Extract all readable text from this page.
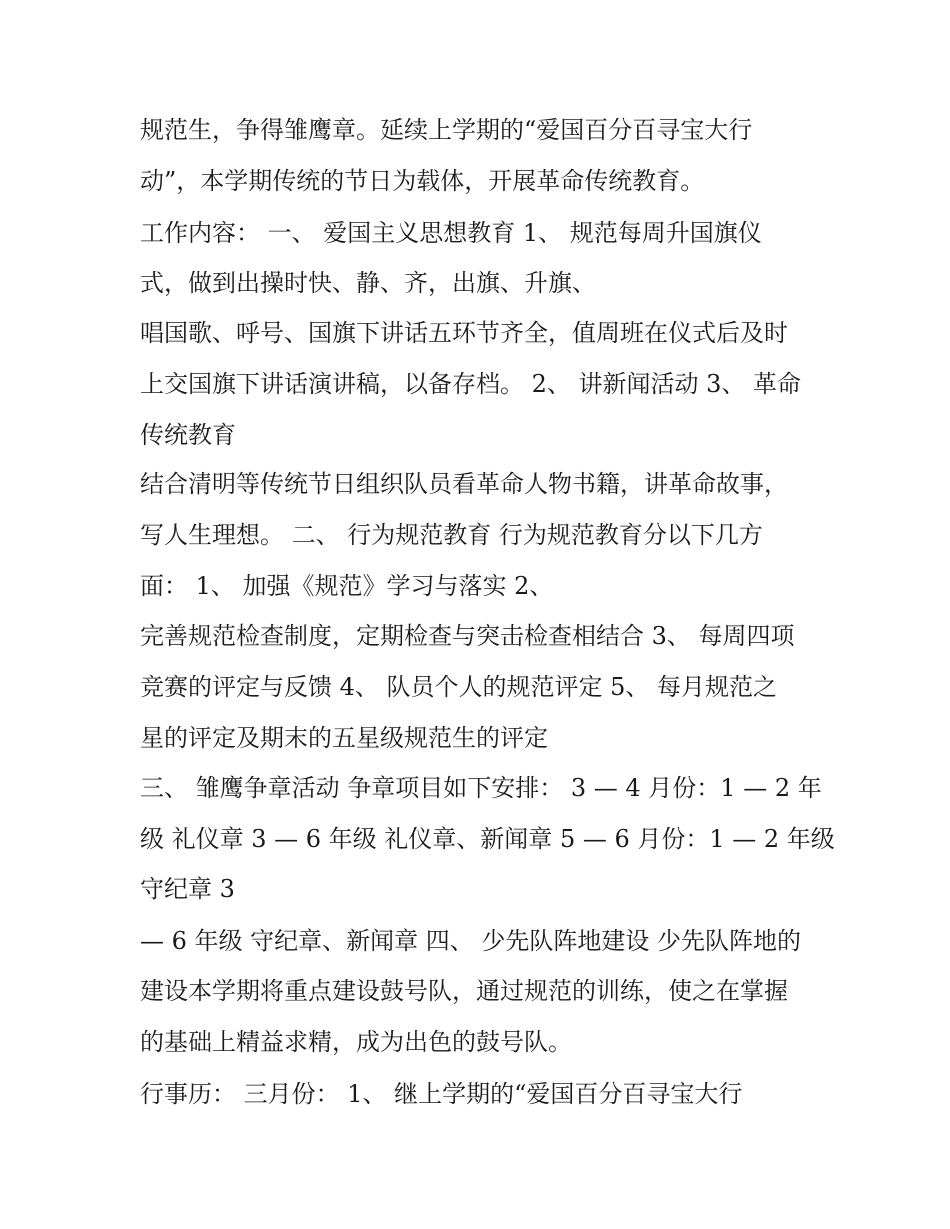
规范生，争得雏鹰章。延续上学期的“爱国百分百寻宝大行
动”，本学期传统的节日为载体，开展革命传统教育。
工作内容： 一、 爱国主义思想教育 1、 规范每周升国旗仪
式，做到出操时快、静、齐，出旗、升旗、
唱国歌、呼号、国旗下讲话五环节齐全，值周班在仪式后及时
上交国旗下讲话演讲稿，以备存档。 2、 讲新闻活动 3、 革命
传统教育
结合清明等传统节日组织队员看革命人物书籍，讲革命故事，
写人生理想。 二、 行为规范教育 行为规范教育分以下几方
面： 1、 加强《规范》学习与落实 2、
完善规范检查制度，定期检查与突击检查相结合 3、 每周四项
竞赛的评定与反馈 4、 队员个人的规范评定 5、 每月规范之
星的评定及期末的五星级规范生的评定
三、 雏鹰争章活动 争章项目如下安排： 3 — 4 月份：1 — 2 年
级 礼仪章 3 — 6 年级 礼仪章、新闻章 5 — 6 月份：1 — 2 年级
守纪章 3
— 6 年级 守纪章、新闻章 四、 少先队阵地建设 少先队阵地的
建设本学期将重点建设鼓号队，通过规范的训练，使之在掌握
的基础上精益求精，成为出色的鼓号队。
行事历： 三月份： 1、 继上学期的“爱国百分百寻宝大行
